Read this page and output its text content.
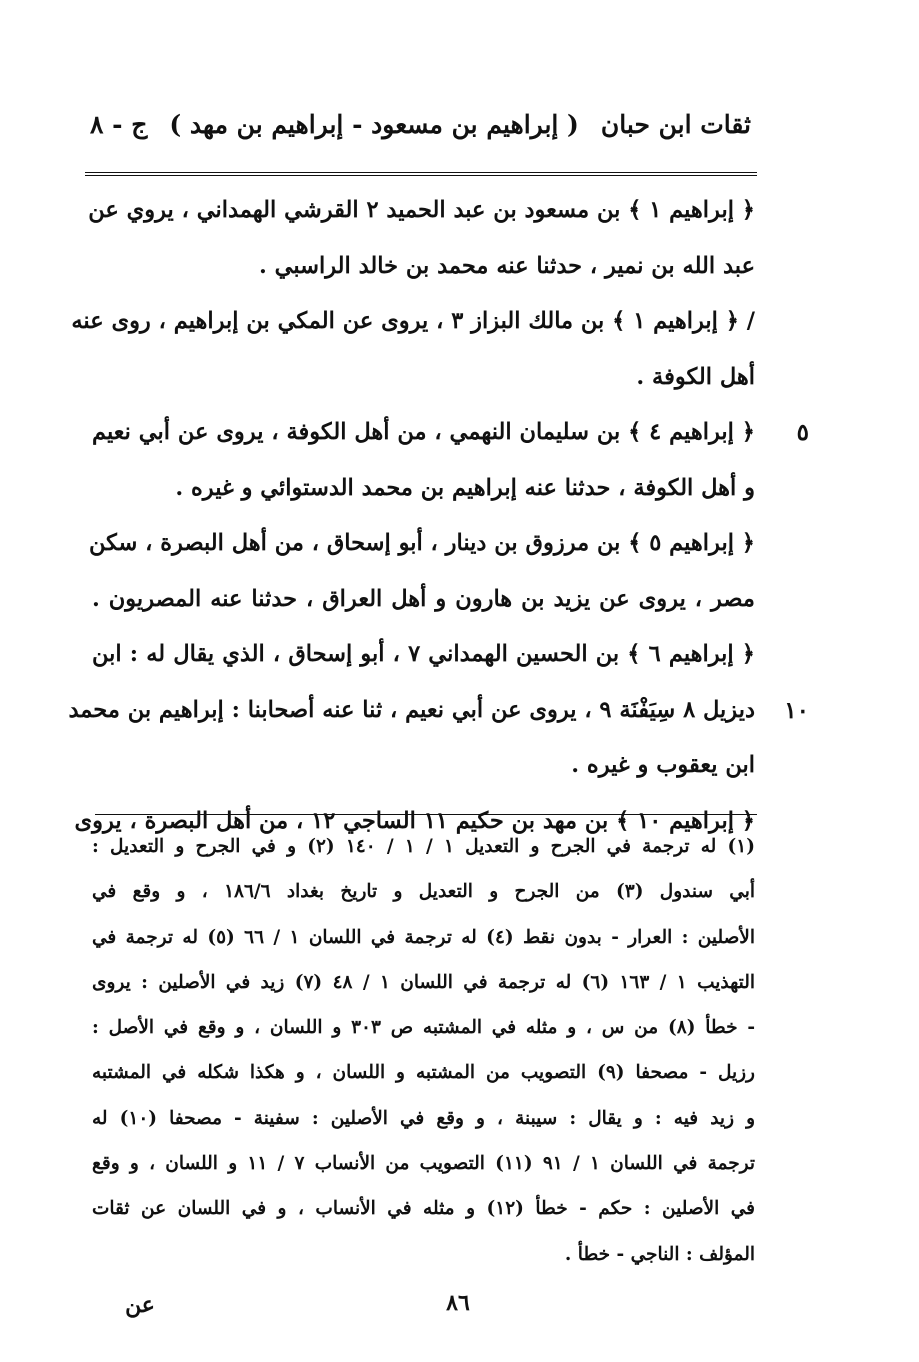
ثقات ابن حبان
( إبراهيم بن مسعود - إبراهيم بن مهد )
ج - ٨
﴿ إبراهيم ١ ﴾ بن مسعود بن عبد الحميد ٢ القرشي الهمداني ، يروي عن
عبد الله بن نمير ، حدثنا عنه محمد بن خالد الراسبي .
/ ﴿ إبراهيم ١ ﴾ بن مالك البزاز ٣ ، يروى عن المكي بن إبراهيم ، روى عنه
أهل الكوفة .
﴿ إبراهيم ٤ ﴾ بن سليمان النهمي ، من أهل الكوفة ، يروى عن أبي نعيم	٥
و أهل الكوفة ، حدثنا عنه إبراهيم بن محمد الدستوائي و غيره .
﴿ إبراهيم ٥ ﴾ بن مرزوق بن دينار ، أبو إسحاق ، من أهل البصرة ، سكن
مصر ، يروى عن يزيد بن هارون و أهل العراق ، حدثنا عنه المصريون .
﴿ إبراهيم ٦ ﴾ بن الحسين الهمداني ٧ ، أبو إسحاق ، الذي يقال له : ابن
ديزيل ٨ سِيَفْنَة ٩ ، يروى عن أبي نعيم ، ثنا عنه أصحابنا : إبراهيم بن محمد	١٠
ابن يعقوب و غيره .
﴿ إبراهيم ١٠ ﴾ بن مهد بن حكيم ١١ الساجي ١٢ ، من أهل البصرة ، يروى
(١) له ترجمة في الجرح و التعديل ١ / ١ / ١٤٠ (٢) و في الجرح و التعديل :
أبي سندول (٣) من الجرح و التعديل و تاريخ بغداد ١٨٦/٦ ، و وقع في
الأصلين : العرار - بدون نقط (٤) له ترجمة في اللسان ١ / ٦٦ (٥) له ترجمة في
التهذيب ١ / ١٦٣ (٦) له ترجمة في اللسان ١ / ٤٨ (٧) زيد في الأصلين : يروى
- خطأ (٨) من س ، و مثله في المشتبه ص ٣٠٣ و اللسان ، و وقع في الأصل :
رزيل - مصحفا (٩) التصويب من المشتبه و اللسان ، و هكذا شكله في المشتبه
و زيد فيه : و يقال : سيبنة ، و وقع في الأصلين : سفينة - مصحفا (١٠) له
ترجمة في اللسان ١ / ٩١ (١١) التصويب من الأنساب ٧ / ١١ و اللسان ، و وقع
في الأصلين : حكم - خطأ (١٢) و مثله في الأنساب ، و في اللسان عن ثقات
المؤلف : الناجي - خطأ .
٨٦
عن
